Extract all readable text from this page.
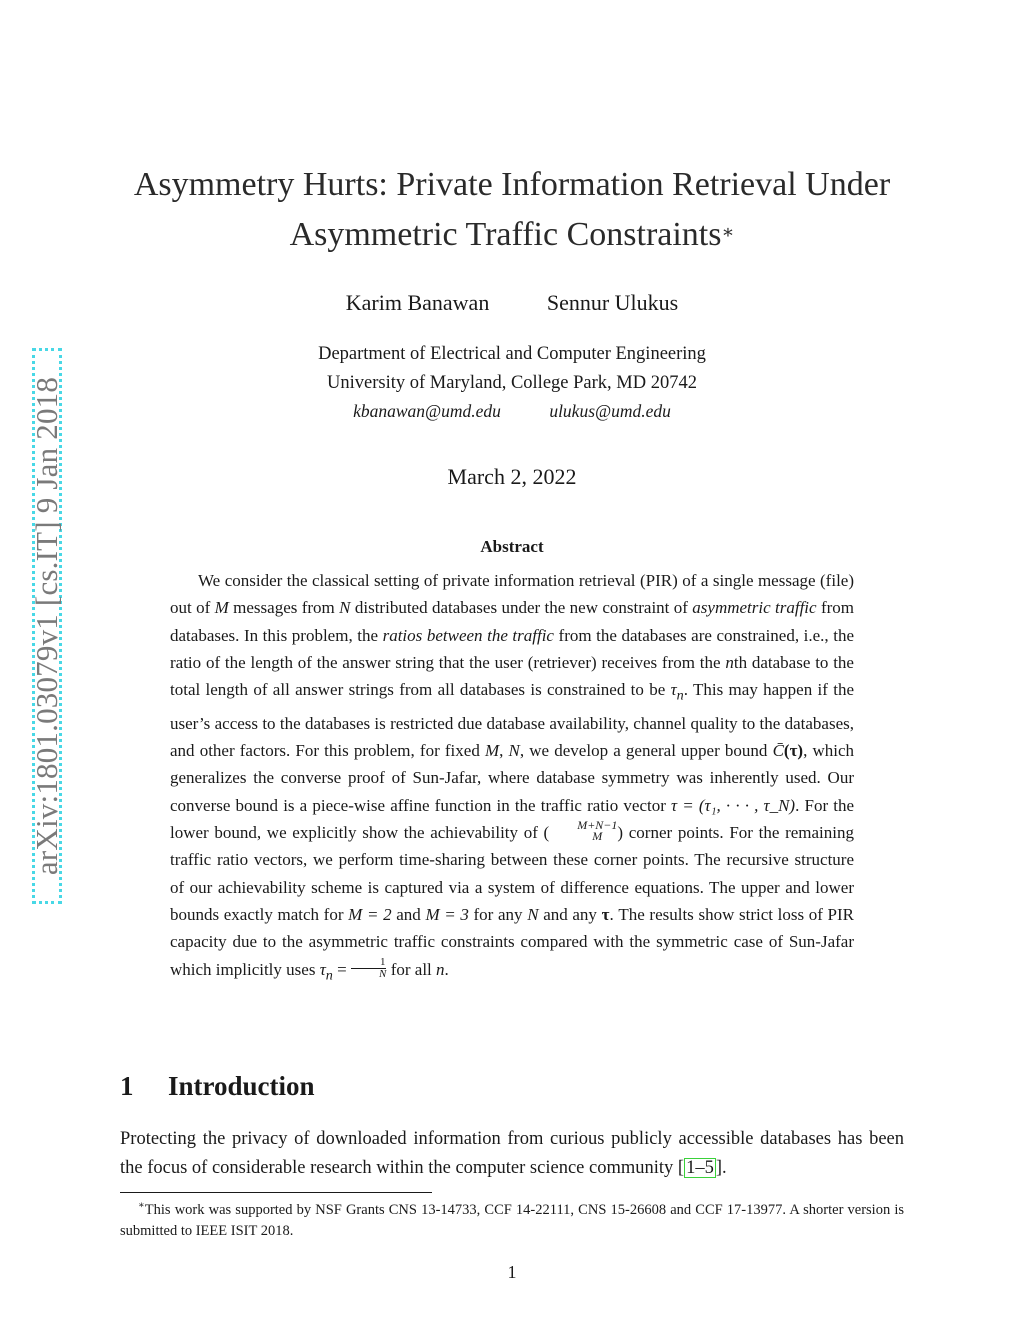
arXiv:1801.03079v1 [cs.IT] 9 Jan 2018
Asymmetry Hurts: Private Information Retrieval Under
Asymmetric Traffic Constraints∗
Karim Banawan	Sennur Ulukus
Department of Electrical and Computer Engineering
University of Maryland, College Park, MD 20742
kbanawan@umd.edu	ulukus@umd.edu
March 2, 2022
Abstract

We consider the classical setting of private information retrieval (PIR) of a single message (file) out of M messages from N distributed databases under the new constraint of asymmetric traffic from databases. In this problem, the ratios between the traffic from the databases are constrained, i.e., the ratio of the length of the answer string that the user (retriever) receives from the nth database to the total length of all answer strings from all databases is constrained to be $\tau_n$. This may happen if the user’s access to the databases is restricted due database availability, channel quality to the databases, and other factors. For this problem, for fixed M, N, we develop a general upper bound C̄(τ), which generalizes the converse proof of Sun-Jafar, where database symmetry was inherently used. Our converse bound is a piece-wise affine function in the traffic ratio vector τ = (τ₁, · · · , τ_N). For the lower bound, we explicitly show the achievability of (	M+N−1
M ) corner points. For the remaining traffic ratio vectors, we perform time-sharing between these corner points. The recursive structure of our achievability scheme is captured via a system of difference equations. The upper and lower bounds exactly match for M = 2 and M = 3 for any N and any τ. The results show strict loss of PIR capacity due to the asymmetric traffic constraints compared with the symmetric case of Sun-Jafar which implicitly uses $\tau_n = \frac{1}{N}$ for all n.

1 Introduction

Protecting the privacy of downloaded information from curious publicly accessible databases has been the focus of considerable research within the computer science community [ 1–5 ].

∗This work was supported by NSF Grants CNS 13-14733, CCF 14-22111, CNS 15-26608 and CCF 17-13977. A shorter version is submitted to IEEE ISIT 2018.

1
